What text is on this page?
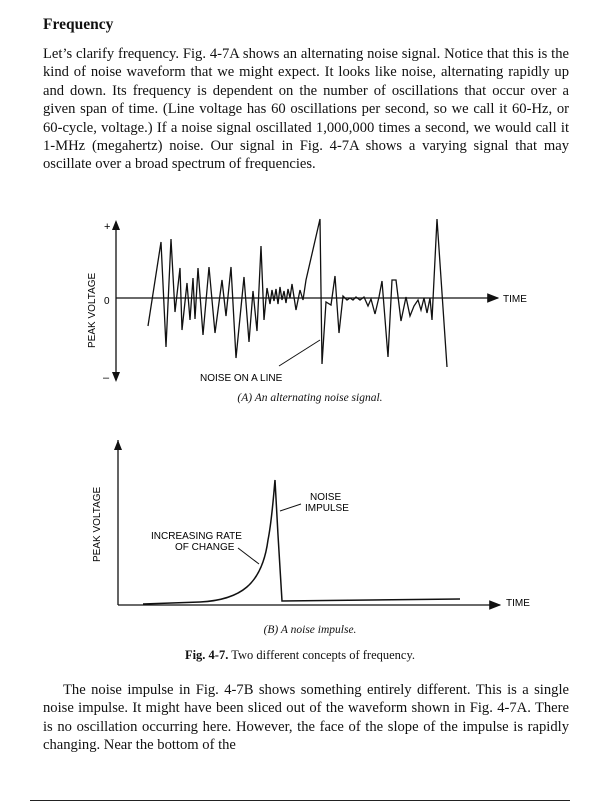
Frequency

Let’s clarify frequency. Fig. 4-7A shows an alternating noise signal. Notice that this is the kind of noise waveform that we might expect. It looks like noise, alternating rapidly up and down. Its frequency is dependent on the number of oscillations that occur over a given span of time. (Line voltage has 60 oscillations per second, so we call it 60-Hz, or 60-cycle, voltage.) If a noise signal oscillated 1,000,000 times a second, we would call it 1-MHz (megahertz) noise. Our signal in Fig. 4-7A shows a varying signal that may oscillate over a broad spectrum of frequencies.

+
0
–
PEAK VOLTAGE	TIME
NOISE ON A LINE
PEAK VOLTAGE
TIME
NOISE
IMPULSE
INCREASING RATE
OF CHANGE
(A) An alternating noise signal.
(B) A noise impulse.
Fig. 4-7. Two different concepts of frequency.

The noise impulse in Fig. 4-7B shows something entirely different. This is a single noise impulse. It might have been sliced out of the waveform shown in Fig. 4-7A. There is no oscillation occurring here. However, the face of the slope of the impulse is rapidly changing. Near the bottom of the
